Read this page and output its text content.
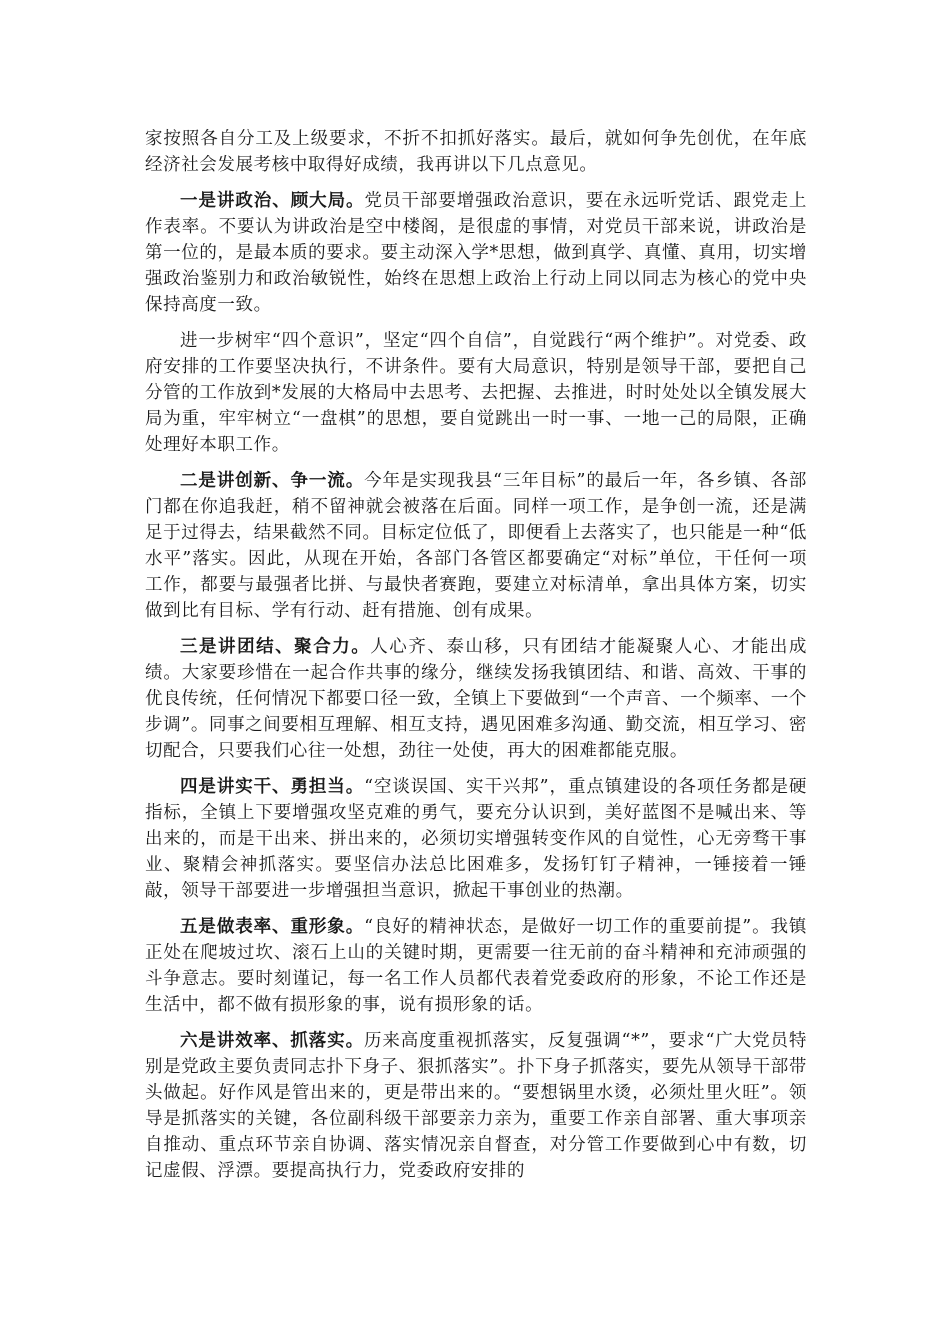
家按照各自分工及上级要求，不折不扣抓好落实。最后，就如何争先创优，在年底经济社会发展考核中取得好成绩，我再讲以下几点意见。

一是讲政治、顾大局。党员干部要增强政治意识，要在永远听党话、跟党走上作表率。不要认为讲政治是空中楼阁，是很虚的事情，对党员干部来说，讲政治是第一位的，是最本质的要求。要主动深入学*思想，做到真学、真懂、真用，切实增强政治鉴别力和政治敏锐性，始终在思想上政治上行动上同以同志为核心的党中央保持高度一致。

进一步树牢“四个意识”，坚定“四个自信”，自觉践行“两个维护”。对党委、政府安排的工作要坚决执行，不讲条件。要有大局意识，特别是领导干部，要把自己分管的工作放到*发展的大格局中去思考、去把握、去推进，时时处处以全镇发展大局为重，牢牢树立“一盘棋”的思想，要自觉跳出一时一事、一地一己的局限，正确处理好本职工作。

二是讲创新、争一流。今年是实现我县“三年目标”的最后一年，各乡镇、各部门都在你追我赶，稍不留神就会被落在后面。同样一项工作，是争创一流，还是满足于过得去，结果截然不同。目标定位低了，即便看上去落实了，也只能是一种“低水平”落实。因此，从现在开始，各部门各管区都要确定“对标”单位，干任何一项工作，都要与最强者比拼、与最快者赛跑，要建立对标清单，拿出具体方案，切实做到比有目标、学有行动、赶有措施、创有成果。

三是讲团结、聚合力。人心齐、泰山移，只有团结才能凝聚人心、才能出成绩。大家要珍惜在一起合作共事的缘分，继续发扬我镇团结、和谐、高效、干事的优良传统，任何情况下都要口径一致，全镇上下要做到“一个声音、一个频率、一个步调”。同事之间要相互理解、相互支持，遇见困难多沟通、勤交流，相互学习、密切配合，只要我们心往一处想，劲往一处使，再大的困难都能克服。

四是讲实干、勇担当。“空谈误国、实干兴邦”，重点镇建设的各项任务都是硬指标，全镇上下要增强攻坚克难的勇气，要充分认识到，美好蓝图不是喊出来、等出来的，而是干出来、拼出来的，必须切实增强转变作风的自觉性，心无旁骛干事业、聚精会神抓落实。要坚信办法总比困难多，发扬钉钉子精神，一锤接着一锤敲，领导干部要进一步增强担当意识，掀起干事创业的热潮。

五是做表率、重形象。“良好的精神状态，是做好一切工作的重要前提”。我镇正处在爬坡过坎、滚石上山的关键时期，更需要一往无前的奋斗精神和充沛顽强的斗争意志。要时刻谨记，每一名工作人员都代表着党委政府的形象，不论工作还是生活中，都不做有损形象的事，说有损形象的话。

六是讲效率、抓落实。历来高度重视抓落实，反复强调“*”，要求“广大党员特别是党政主要负责同志扑下身子、狠抓落实”。扑下身子抓落实，要先从领导干部带头做起。好作风是管出来的，更是带出来的。“要想锅里水烫，必须灶里火旺”。领导是抓落实的关键，各位副科级干部要亲力亲为，重要工作亲自部署、重大事项亲自推动、重点环节亲自协调、落实情况亲自督查，对分管工作要做到心中有数，切记虚假、浮漂。要提高执行力，党委政府安排的
